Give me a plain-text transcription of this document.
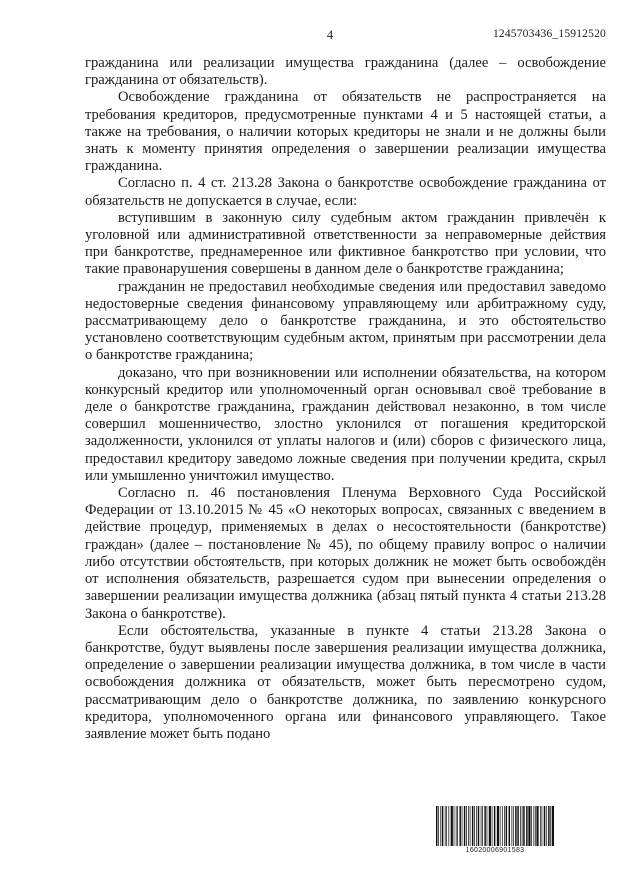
4	1245703436_15912520

гражданина или реализации имущества гражданина (далее – освобождение гражданина от обязательств).

Освобождение гражданина от обязательств не распространяется на требования кредиторов, предусмотренные пунктами 4 и 5 настоящей статьи, а также на требования, о наличии которых кредиторы не знали и не должны были знать к моменту принятия определения о завершении реализации имущества гражданина.

Согласно п. 4 ст. 213.28 Закона о банкротстве освобождение гражданина от обязательств не допускается в случае, если:

вступившим в законную силу судебным актом гражданин привлечён к уголовной или административной ответственности за неправомерные действия при банкротстве, преднамеренное или фиктивное банкротство при условии, что такие правонарушения совершены в данном деле о банкротстве гражданина;

гражданин не предоставил необходимые сведения или предоставил заведомо недостоверные сведения финансовому управляющему или арбитражному суду, рассматривающему дело о банкротстве гражданина, и это обстоятельство установлено соответствующим судебным актом, принятым при рассмотрении дела о банкротстве гражданина;

доказано, что при возникновении или исполнении обязательства, на котором конкурсный кредитор или уполномоченный орган основывал своё требование в деле о банкротстве гражданина, гражданин действовал незаконно, в том числе совершил мошенничество, злостно уклонился от погашения кредиторской задолженности, уклонился от уплаты налогов и (или) сборов с физического лица, предоставил кредитору заведомо ложные сведения при получении кредита, скрыл или умышленно уничтожил имущество.

Согласно п. 46 постановления Пленума Верховного Суда Российской Федерации от 13.10.2015 № 45 «О некоторых вопросах, связанных с введением в действие процедур, применяемых в делах о несостоятельности (банкротстве) граждан» (далее – постановление № 45), по общему правилу вопрос о наличии либо отсутствии обстоятельств, при которых должник не может быть освобождён от исполнения обязательств, разрешается судом при вынесении определения о завершении реализации имущества должника (абзац пятый пункта 4 статьи 213.28 Закона о банкротстве).

Если обстоятельства, указанные в пункте 4 статьи 213.28 Закона о банкротстве, будут выявлены после завершения реализации имущества должника, определение о завершении реализации имущества должника, в том числе в части освобождения должника от обязательств, может быть пересмотрено судом, рассматривающим дело о банкротстве должника, по заявлению конкурсного кредитора, уполномоченного органа или финансового управляющего. Такое заявление может быть подано

16020006901583
